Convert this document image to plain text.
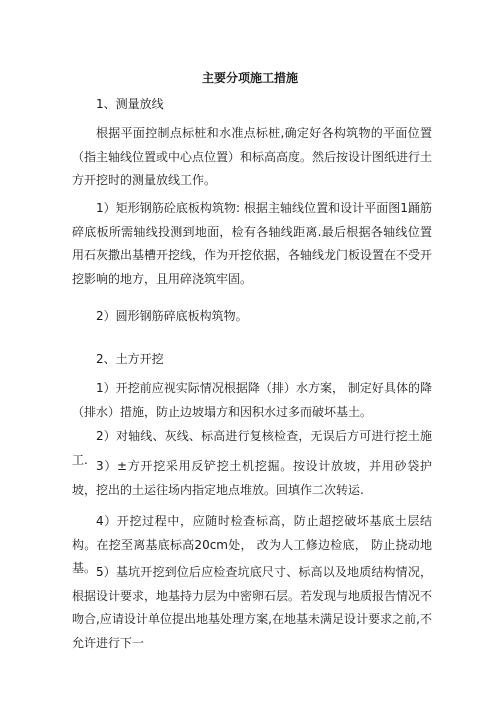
主要分项施工措施
1、测量放线
根据平面控制点标桩和水准点标桩,确定好各构筑物的平面位置（指主轴线位置或中心点位置）和标高高度。然后按设计图纸进行土方开挖时的测量放线工作。
1）矩形钢筋砼底板构筑物: 根据主轴线位置和设计平面图1踊筋碎底板所需轴线投测到地面，检有各轴线距离.最后根据各轴线位置用石灰撒出基槽开挖线，作为开挖依据，各轴线龙门板设置在不受开挖影响的地方，且用碎浇筑牢固。
2）圆形钢筋碎底板构筑物。
2、土方开挖
1）开挖前应视实际情况根据降（排）水方案， 制定好具体的降（排水）措施，防止边坡塌方和因积水过多而破坏基土。
2）对轴线、灰线、标高进行复核检查，无误后方可进行挖土施工. 3）±方开挖采用反铲挖土机挖掘。按设计放坡，并用砂袋护坡，挖出的土运往场内指定地点堆放。回填作二次转运.
4）开挖过程中，应随时检查标高，防止超挖破坏基底土层结构。在挖至离基底标高20cm处， 改为人工修边检底， 防止挠动地基。 5）基坑开挖到位后应检查坑底尺寸、标高以及地质结构情况，根据设计要求，地基持力层为中密卵石层。若发现与地质报告情况不吻合,应请设计单位提出地基处理方案,在地基未满足设计要求之前,不允许进行下一
